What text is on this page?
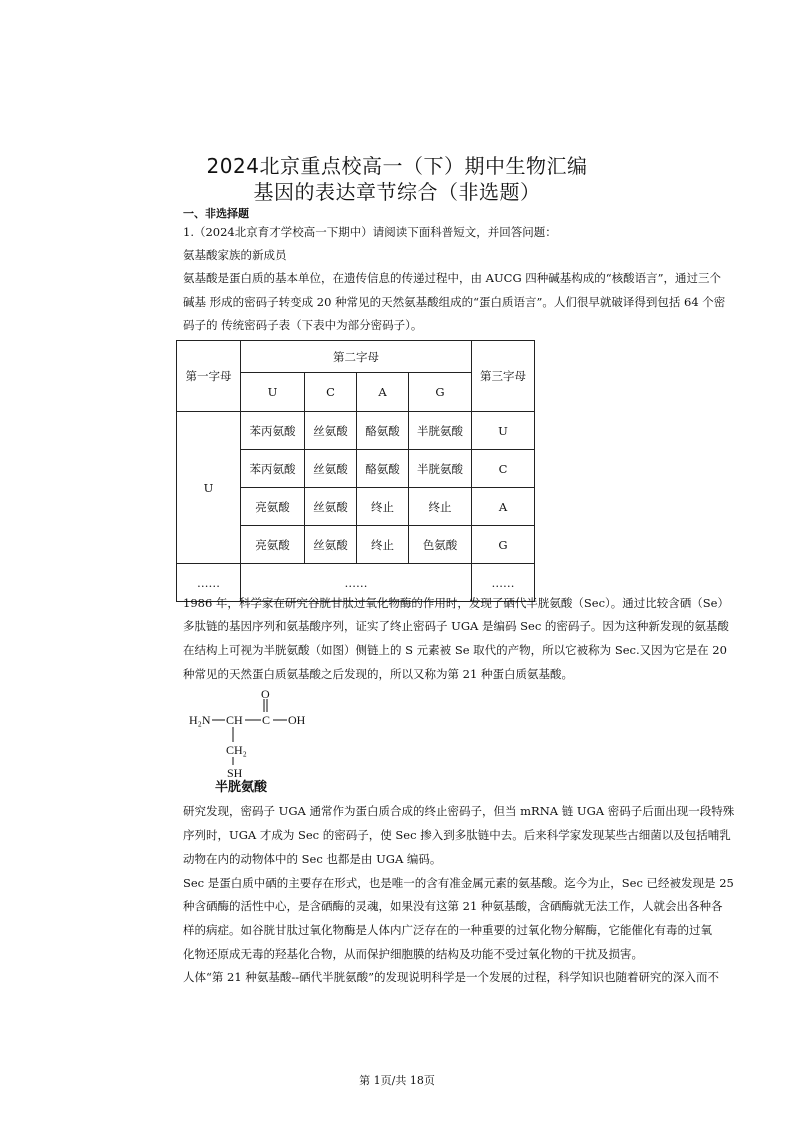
2024北京重点校高一（下）期中生物汇编
基因的表达章节综合（非选题）
一、非选择题
1.（2024北京育才学校高一下期中）请阅读下面科普短文，并回答问题：
氨基酸家族的新成员
氨基酸是蛋白质的基本单位，在遗传信息的传递过程中，由 AUCG 四种碱基构成的“核酸语言”，通过三个
碱基 形成的密码子转变成 20 种常见的天然氨基酸组成的“蛋白质语言”。人们很早就破译得到包括 64 个密
码子的 传统密码子表（下表中为部分密码子）。
第一字母	第二字母				第三字母
	U	C	A	G	
U	苯丙氨酸	丝氨酸	酪氨酸	半胱氨酸	U
	苯丙氨酸	丝氨酸	酪氨酸	半胱氨酸	C
	亮氨酸	丝氨酸	终止	终止	A
	亮氨酸	丝氨酸	终止	色氨酸	G
……	……				……
1986 年，科学家在研究谷胱甘肽过氧化物酶的作用时，发现了硒代半胱氨酸（Sec）。通过比较含硒（Se）
多肽链的基因序列和氨基酸序列，证实了终止密码子 UGA 是编码 Sec 的密码子。因为这种新发现的氨基酸
在结构上可视为半胱氨酸（如图）侧链上的 S 元素被 Se 取代的产物，所以它被称为 Sec.又因为它是在 20
种常见的天然蛋白质氨基酸之后发现的，所以又称为第 21 种蛋白质氨基酸。
H₂N CH C
O
OH
CH₂
SH
半胱氨酸
研究发现，密码子 UGA 通常作为蛋白质合成的终止密码子，但当 mRNA 链 UGA 密码子后面出现一段特殊
序列时，UGA 才成为 Sec 的密码子，使 Sec 掺入到多肽链中去。后来科学家发现某些古细菌以及包括哺乳
动物在内的动物体中的 Sec 也都是由 UGA 编码。
Sec 是蛋白质中硒的主要存在形式，也是唯一的含有准金属元素的氨基酸。迄今为止，Sec 已经被发现是 25
种含硒酶的活性中心，是含硒酶的灵魂，如果没有这第 21 种氨基酸，含硒酶就无法工作，人就会出各种各
样的病症。如谷胱甘肽过氧化物酶是人体内广泛存在的一种重要的过氧化物分解酶，它能催化有毒的过氧
化物还原成无毒的羟基化合物，从而保护细胞膜的结构及功能不受过氧化物的干扰及损害。
人体“第 21 种氨基酸--硒代半胱氨酸”的发现说明科学是一个发展的过程，科学知识也随着研究的深入而不
第 1页/共 18页
